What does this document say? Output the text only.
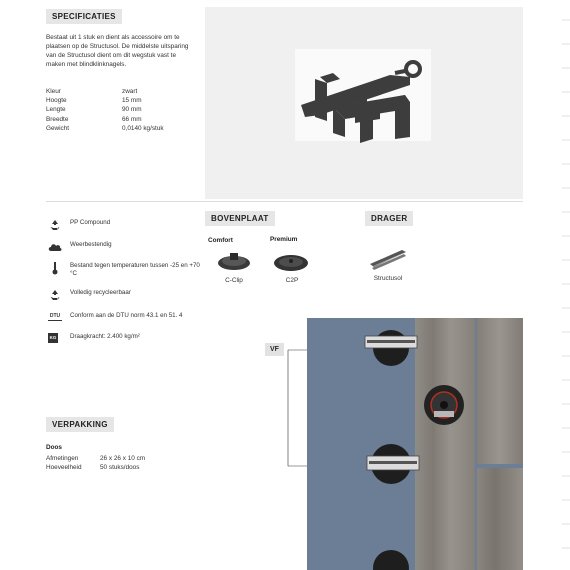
SPECIFICATIES
Bestaat uit 1 stuk en dient als accessoire om te plaatsen op de Structusol. De middelste uitsparing van de Structusol dient om dit wegstuk vast te maken met blindklinknagels.
Kleur	zwart
Hoogte	15 mm
Lengte	90 mm
Breedte	66 mm
Gewicht	0,0140 kg/stuk
PP Compound
Weerbestendig
Bestand tegen temperaturen tussen -25 en +70 °C
Volledig recycleerbaar
DTU Conform aan de DTU norm 43.1 en 51. 4
KG Draagkracht: 2.400 kg/m²
BOVENPLAAT
Comfort	Premium
C-Clip	C2P
DRAGER
Structusol
VERPAKKING
Doos
Afmetingen	26 x 26 x 10 cm
Hoeveelheid	50 stuks/doos
VF
